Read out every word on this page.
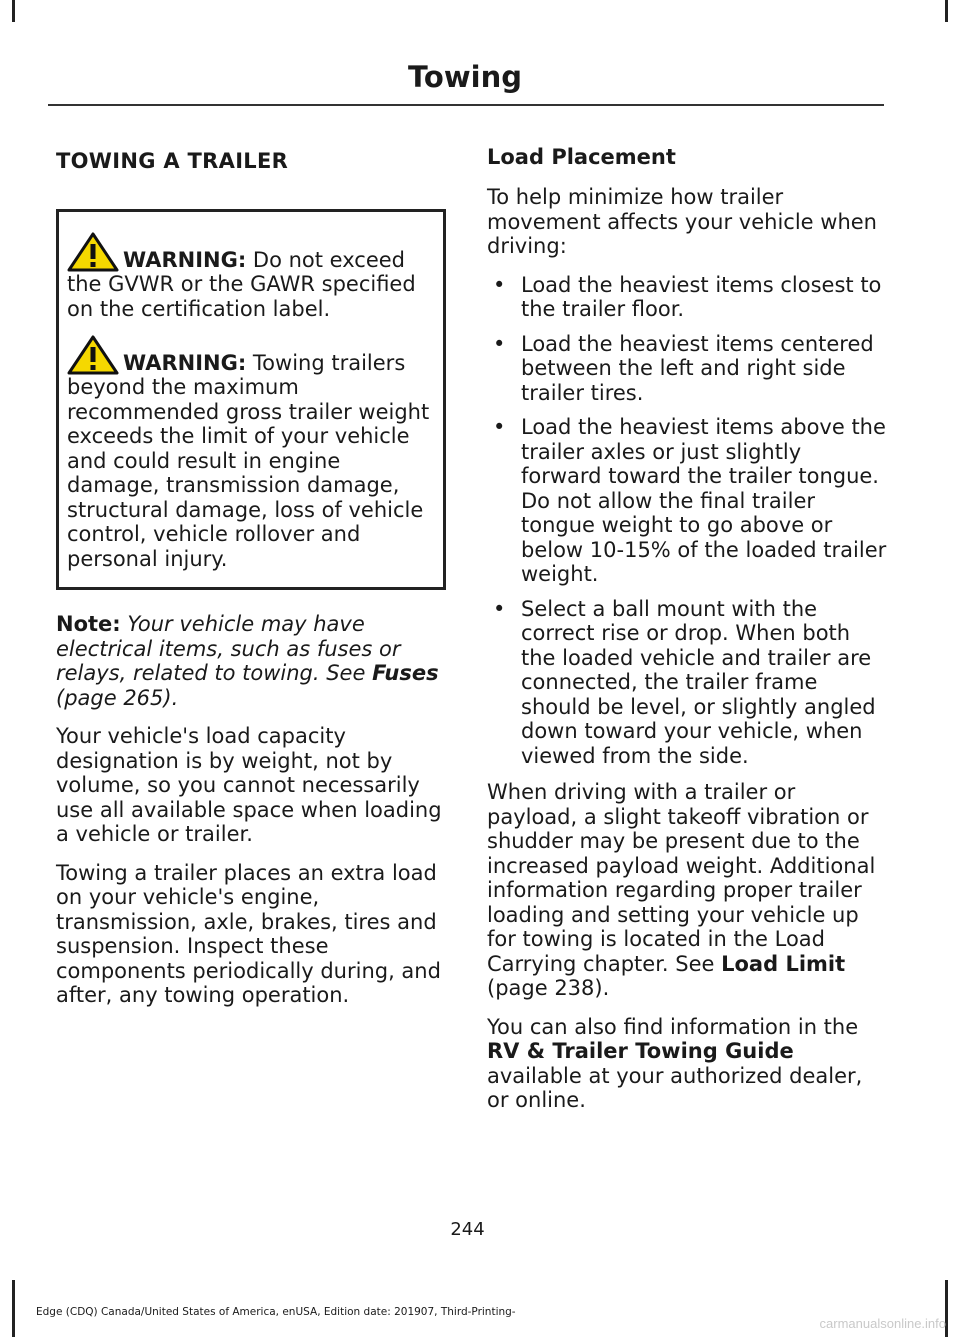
Towing
TOWING A TRAILER
WARNING: Do not exceed
the GVWR or the GAWR specified on the certification label.
WARNING: Towing trailers
beyond the maximum recommended gross trailer weight exceeds the limit of your vehicle and could result in engine damage, transmission damage, structural damage, loss of vehicle control, vehicle rollover and personal injury.

Note: Your vehicle may have electrical items, such as fuses or relays, related to towing. See Fuses (page 265).

Your vehicle's load capacity designation is by weight, not by volume, so you cannot necessarily use all available space when loading a vehicle or trailer.

Towing a trailer places an extra load on your vehicle's engine, transmission, axle, brakes, tires and suspension. Inspect these components periodically during, and after, any towing operation.

Load Placement

To help minimize how trailer movement affects your vehicle when driving:

• Load the heaviest items closest to the trailer floor.
• Load the heaviest items centered between the left and right side trailer tires.
• Load the heaviest items above the trailer axles or just slightly forward toward the trailer tongue. Do not allow the final trailer tongue weight to go above or below 10-15% of the loaded trailer weight.
• Select a ball mount with the correct rise or drop. When both the loaded vehicle and trailer are connected, the trailer frame should be level, or slightly angled down toward your vehicle, when viewed from the side.

When driving with a trailer or payload, a slight takeoff vibration or shudder may be present due to the increased payload weight. Additional information regarding proper trailer loading and setting your vehicle up for towing is located in the Load Carrying chapter. See Load Limit (page 238).

You can also find information in the RV & Trailer Towing Guide available at your authorized dealer, or online.

244
Edge (CDQ) Canada/United States of America, enUSA, Edition date: 201907, Third-Printing-
carmanualsonline.info
